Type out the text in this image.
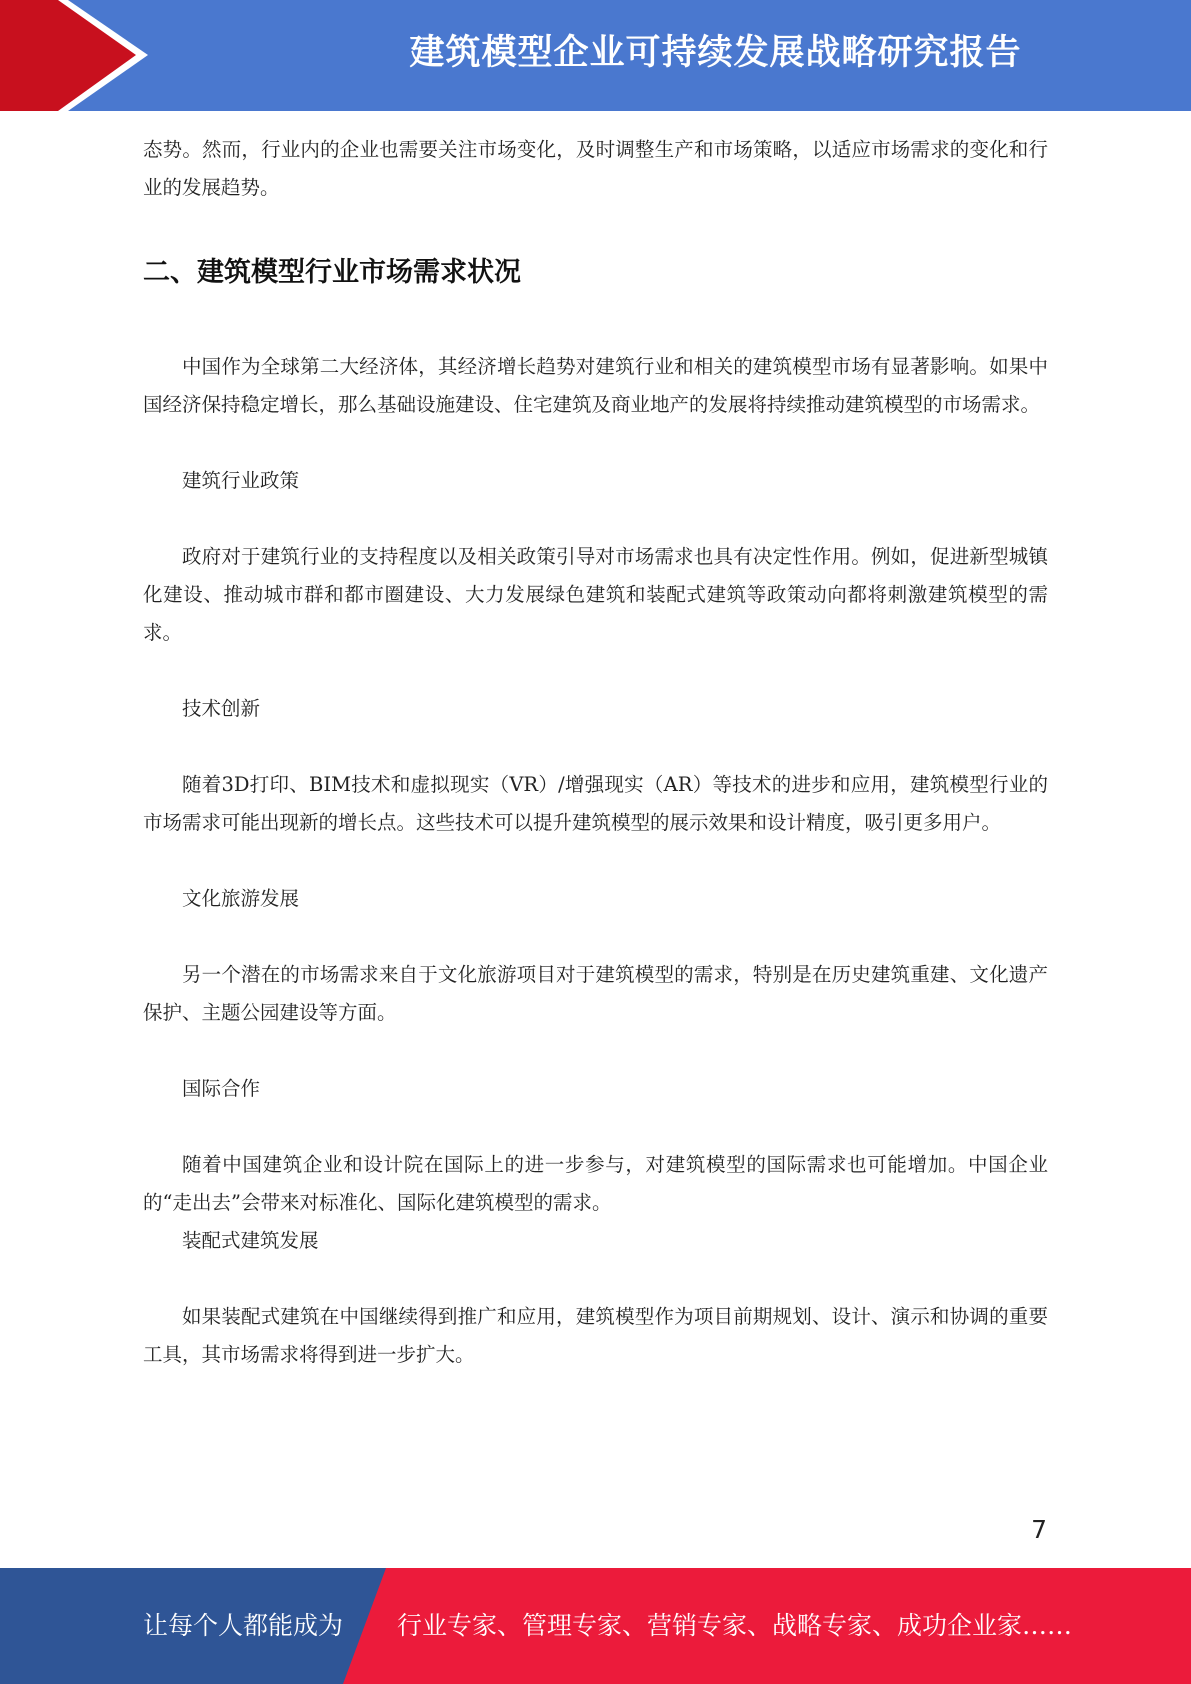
建筑模型企业可持续发展战略研究报告

态势。然而，行业内的企业也需要关注市场变化，及时调整生产和市场策略，以适应市场需求的变化和行业的发展趋势。

二、建筑模型行业市场需求状况

中国作为全球第二大经济体，其经济增长趋势对建筑行业和相关的建筑模型市场有显著影响。如果中国经济保持稳定增长，那么基础设施建设、住宅建筑及商业地产的发展将持续推动建筑模型的市场需求。

建筑行业政策

政府对于建筑行业的支持程度以及相关政策引导对市场需求也具有决定性作用。例如，促进新型城镇化建设、推动城市群和都市圈建设、大力发展绿色建筑和装配式建筑等政策动向都将刺激建筑模型的需求。

技术创新

随着3D打印、BIM技术和虚拟现实（VR）/增强现实（AR）等技术的进步和应用，建筑模型行业的市场需求可能出现新的增长点。这些技术可以提升建筑模型的展示效果和设计精度，吸引更多用户。

文化旅游发展

另一个潜在的市场需求来自于文化旅游项目对于建筑模型的需求，特别是在历史建筑重建、文化遗产保护、主题公园建设等方面。

国际合作

随着中国建筑企业和设计院在国际上的进一步参与，对建筑模型的国际需求也可能增加。中国企业的“走出去”会带来对标准化、国际化建筑模型的需求。

装配式建筑发展

如果装配式建筑在中国继续得到推广和应用，建筑模型作为项目前期规划、设计、演示和协调的重要工具，其市场需求将得到进一步扩大。

7
让每个人都能成为 行业专家、管理专家、营销专家、战略专家、成功企业家……
